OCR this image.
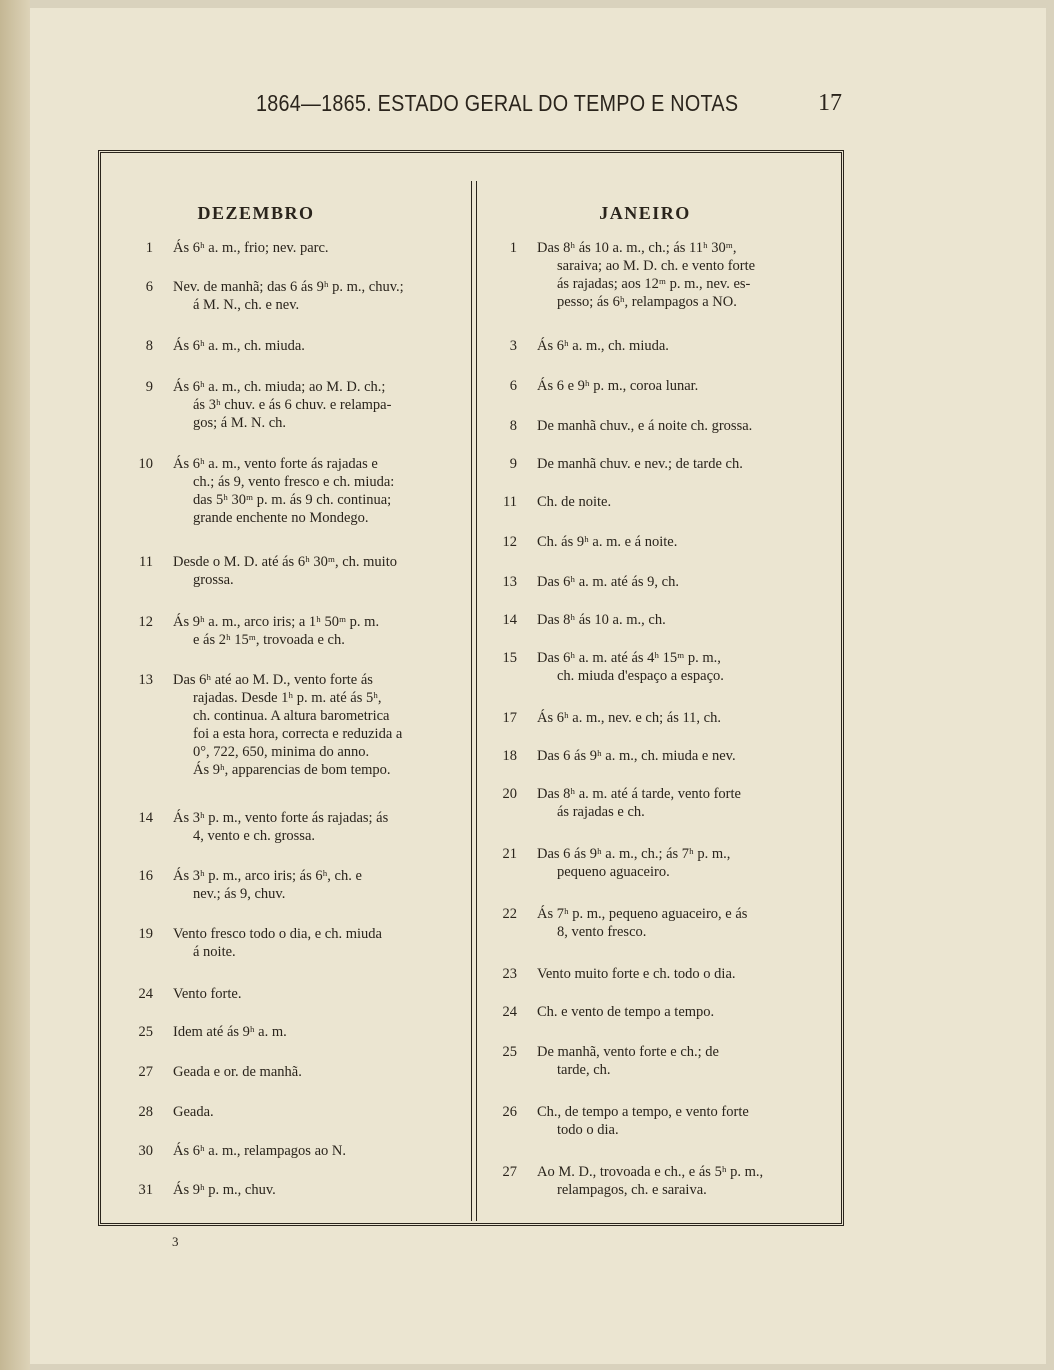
1864—1865. ESTADO GERAL DO TEMPO E NOTAS	17
DEZEMBRO
1 Ás 6ʰ a. m., frio; nev. parc.
6 Nev. de manhã; das 6 ás 9ʰ p. m., chuv.;
á M. N., ch. e nev.
8 Ás 6ʰ a. m., ch. miuda.
9 Ás 6ʰ a. m., ch. miuda; ao M. D. ch.;
ás 3ʰ chuv. e ás 6 chuv. e relampa-
gos; á M. N. ch.
10 Ás 6ʰ a. m., vento forte ás rajadas e
ch.; ás 9, vento fresco e ch. miuda:
das 5ʰ 30ᵐ p. m. ás 9 ch. continua;
grande enchente no Mondego.
11 Desde o M. D. até ás 6ʰ 30ᵐ, ch. muito
grossa.
12 Ás 9ʰ a. m., arco iris; a 1ʰ 50ᵐ p. m.
e ás 2ʰ 15ᵐ, trovoada e ch.
13 Das 6ʰ até ao M. D., vento forte ás
rajadas. Desde 1ʰ p. m. até ás 5ʰ,
ch. continua. A altura barometrica
foi a esta hora, correcta e reduzida a
0°, 722, 650, minima do anno.
Ás 9ʰ, apparencias de bom tempo.
14 Ás 3ʰ p. m., vento forte ás rajadas; ás
4, vento e ch. grossa.
16 Ás 3ʰ p. m., arco iris; ás 6ʰ, ch. e
nev.; ás 9, chuv.
19 Vento fresco todo o dia, e ch. miuda
á noite.
24 Vento forte.
25 Idem até ás 9ʰ a. m.
27 Geada e or. de manhã.
28 Geada.
30 Ás 6ʰ a. m., relampagos ao N.
31 Ás 9ʰ p. m., chuv.
JANEIRO
1 Das 8ʰ ás 10 a. m., ch.; ás 11ʰ 30ᵐ,
saraiva; ao M. D. ch. e vento forte
ás rajadas; aos 12ᵐ p. m., nev. es-
pesso; ás 6ʰ, relampagos a NO.
3 Ás 6ʰ a. m., ch. miuda.
6 Ás 6 e 9ʰ p. m., coroa lunar.
8 De manhã chuv., e á noite ch. grossa.
9 De manhã chuv. e nev.; de tarde ch.
11 Ch. de noite.
12 Ch. ás 9ʰ a. m. e á noite.
13 Das 6ʰ a. m. até ás 9, ch.
14 Das 8ʰ ás 10 a. m., ch.
15 Das 6ʰ a. m. até ás 4ʰ 15ᵐ p. m.,
ch. miuda d'espaço a espaço.
17 Ás 6ʰ a. m., nev. e ch; ás 11, ch.
18 Das 6 ás 9ʰ a. m., ch. miuda e nev.
20 Das 8ʰ a. m. até á tarde, vento forte
ás rajadas e ch.
21 Das 6 ás 9ʰ a. m., ch.; ás 7ʰ p. m.,
pequeno aguaceiro.
22 Ás 7ʰ p. m., pequeno aguaceiro, e ás
8, vento fresco.
23 Vento muito forte e ch. todo o dia.
24 Ch. e vento de tempo a tempo.
25 De manhã, vento forte e ch.; de
tarde, ch.
26 Ch., de tempo a tempo, e vento forte
todo o dia.
27 Ao M. D., trovoada e ch., e ás 5ʰ p. m.,
relampagos, ch. e saraiva.
3
